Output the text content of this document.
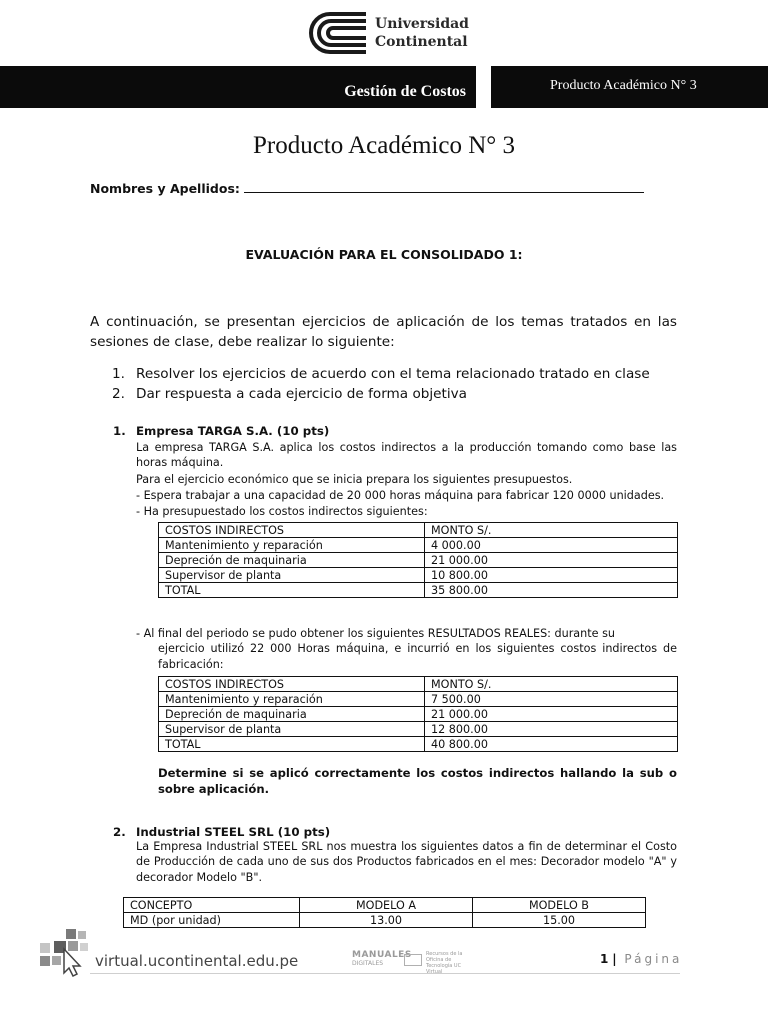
Universidad
Continental
Gestión de Costos	Producto Académico N° 3
Producto Académico N° 3
Nombres y Apellidos:
EVALUACIÓN PARA EL CONSOLIDADO 1:
A continuación, se presentan ejercicios de aplicación de los temas tratados en las sesiones de clase, debe realizar lo siguiente:
1. Resolver los ejercicios de acuerdo con el tema relacionado tratado en clase
2. Dar respuesta a cada ejercicio de forma objetiva
1. Empresa TARGA S.A. (10 pts)
La empresa TARGA S.A. aplica los costos indirectos a la producción tomando como base las horas máquina.
Para el ejercicio económico que se inicia prepara los siguientes presupuestos.
- Espera trabajar a una capacidad de 20 000 horas máquina para fabricar 120 0000 unidades.
- Ha presupuestado los costos indirectos siguientes:
COSTOS INDIRECTOS	MONTO S/.
Mantenimiento y reparación	4 000.00
Depreción de maquinaria	21 000.00
Supervisor de planta	10 800.00
TOTAL	35 800.00
- Al final del periodo se pudo obtener los siguientes RESULTADOS REALES: durante su
ejercicio utilizó 22 000 Horas máquina, e incurrió en los siguientes costos indirectos de fabricación:
COSTOS INDIRECTOS	MONTO S/.
Mantenimiento y reparación	7 500.00
Depreción de maquinaria	21 000.00
Supervisor de planta	12 800.00
TOTAL	40 800.00
Determine si se aplicó correctamente los costos indirectos hallando la sub o sobre aplicación.
2. Industrial STEEL SRL (10 pts)
La Empresa Industrial STEEL SRL nos muestra los siguientes datos a fin de determinar el Costo de Producción de cada uno de sus dos Productos fabricados en el mes: Decorador modelo "A" y decorador Modelo "B".
CONCEPTO	MODELO A	MODELO B
MD (por unidad)	13.00	15.00
virtual.ucontinental.edu.pe	MANUALES
DIGITALES
Recursos de la Oficina de Tecnología UC Virtual
1 | Página
